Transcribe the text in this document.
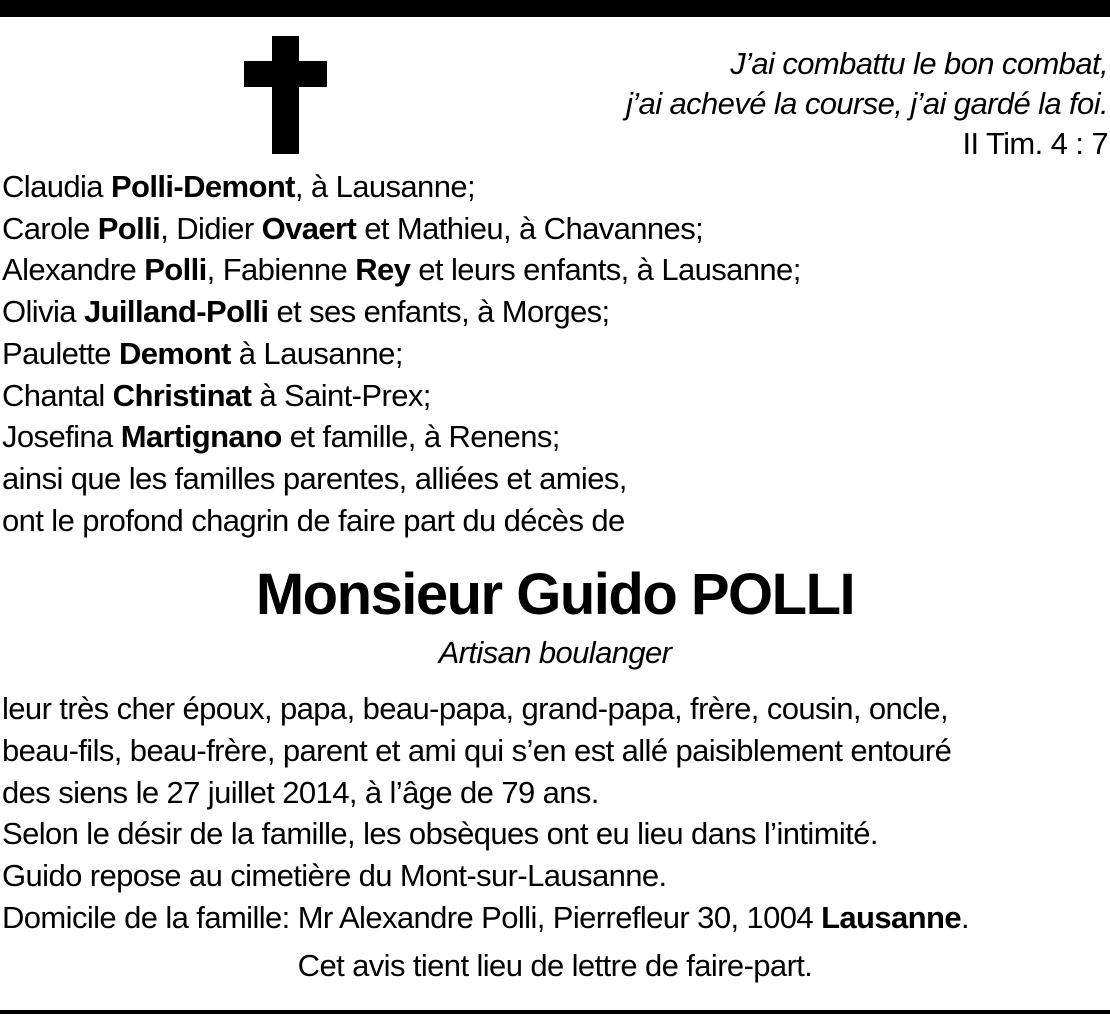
J’ai combattu le bon combat,
j’ai achevé la course, j’ai gardé la foi.
II Tim. 4 : 7
Claudia Polli-Demont, à Lausanne;
Carole Polli, Didier Ovaert et Mathieu, à Chavannes;
Alexandre Polli, Fabienne Rey et leurs enfants, à Lausanne;
Olivia Juilland-Polli et ses enfants, à Morges;
Paulette Demont à Lausanne;
Chantal Christinat à Saint-Prex;
Josefina Martignano et famille, à Renens;
ainsi que les familles parentes, alliées et amies,
ont le profond chagrin de faire part du décès de
Monsieur Guido POLLI
Artisan boulanger
leur très cher époux, papa, beau-papa, grand-papa, frère, cousin, oncle,
beau-fils, beau-frère, parent et ami qui s’en est allé paisiblement entouré
des siens le 27 juillet 2014, à l’âge de 79 ans.
Selon le désir de la famille, les obsèques ont eu lieu dans l’intimité.
Guido repose au cimetière du Mont-sur-Lausanne.
Domicile de la famille: Mr Alexandre Polli, Pierrefleur 30, 1004 Lausanne.
Cet avis tient lieu de lettre de faire-part.
